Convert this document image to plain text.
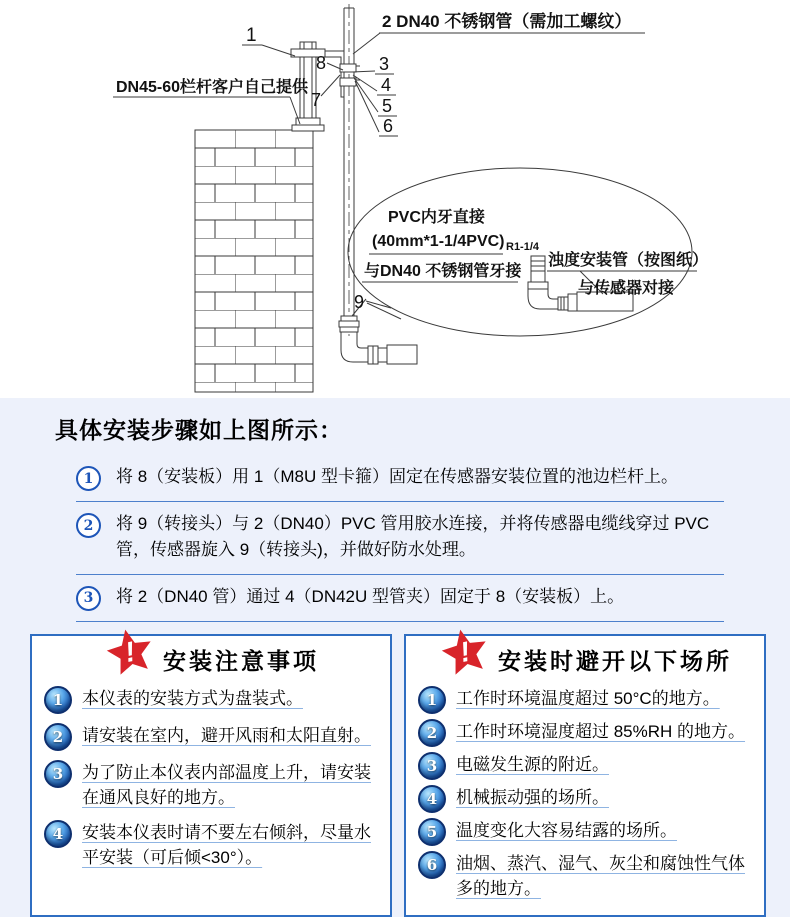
1
2 DN40 不锈钢管（需加工螺纹）
DN45-60栏杆客户自己提供
8
7
3
4
5
6
9
PVC内牙直接
(40mm*1-1/4PVC)
与DN40 不锈钢管牙接
R1-1/4
浊度安装管（按图纸）
与传感器对接
具体安装步骤如上图所示：
1	将 8（安装板）用 1（M8U 型卡箍）固定在传感器安装位置的池边栏杆上。
2	将 9（转接头）与 2（DN40）PVC 管用胶水连接，并将传感器电缆线穿过 PVC 管，传感器旋入 9（转接头)，并做好防水处理。
3	将 2（DN40 管）通过 4（DN42U 型管夹）固定于 8（安装板）上。
! 安装注意事项
1	本仪表的安装方式为盘装式。
2	请安装在室内，避开风雨和太阳直射。
3	为了防止本仪表内部温度上升，请安装在通风良好的地方。
4	安装本仪表时请不要左右倾斜，尽量水平安装（可后倾<30°）。
! 安装时避开以下场所
1	工作时环境温度超过 50°C的地方。
2	工作时环境湿度超过 85%RH 的地方。
3	电磁发生源的附近。
4	机械振动强的场所。
5	温度变化大容易结露的场所。
6	油烟、蒸汽、湿气、灰尘和腐蚀性气体多的地方。
